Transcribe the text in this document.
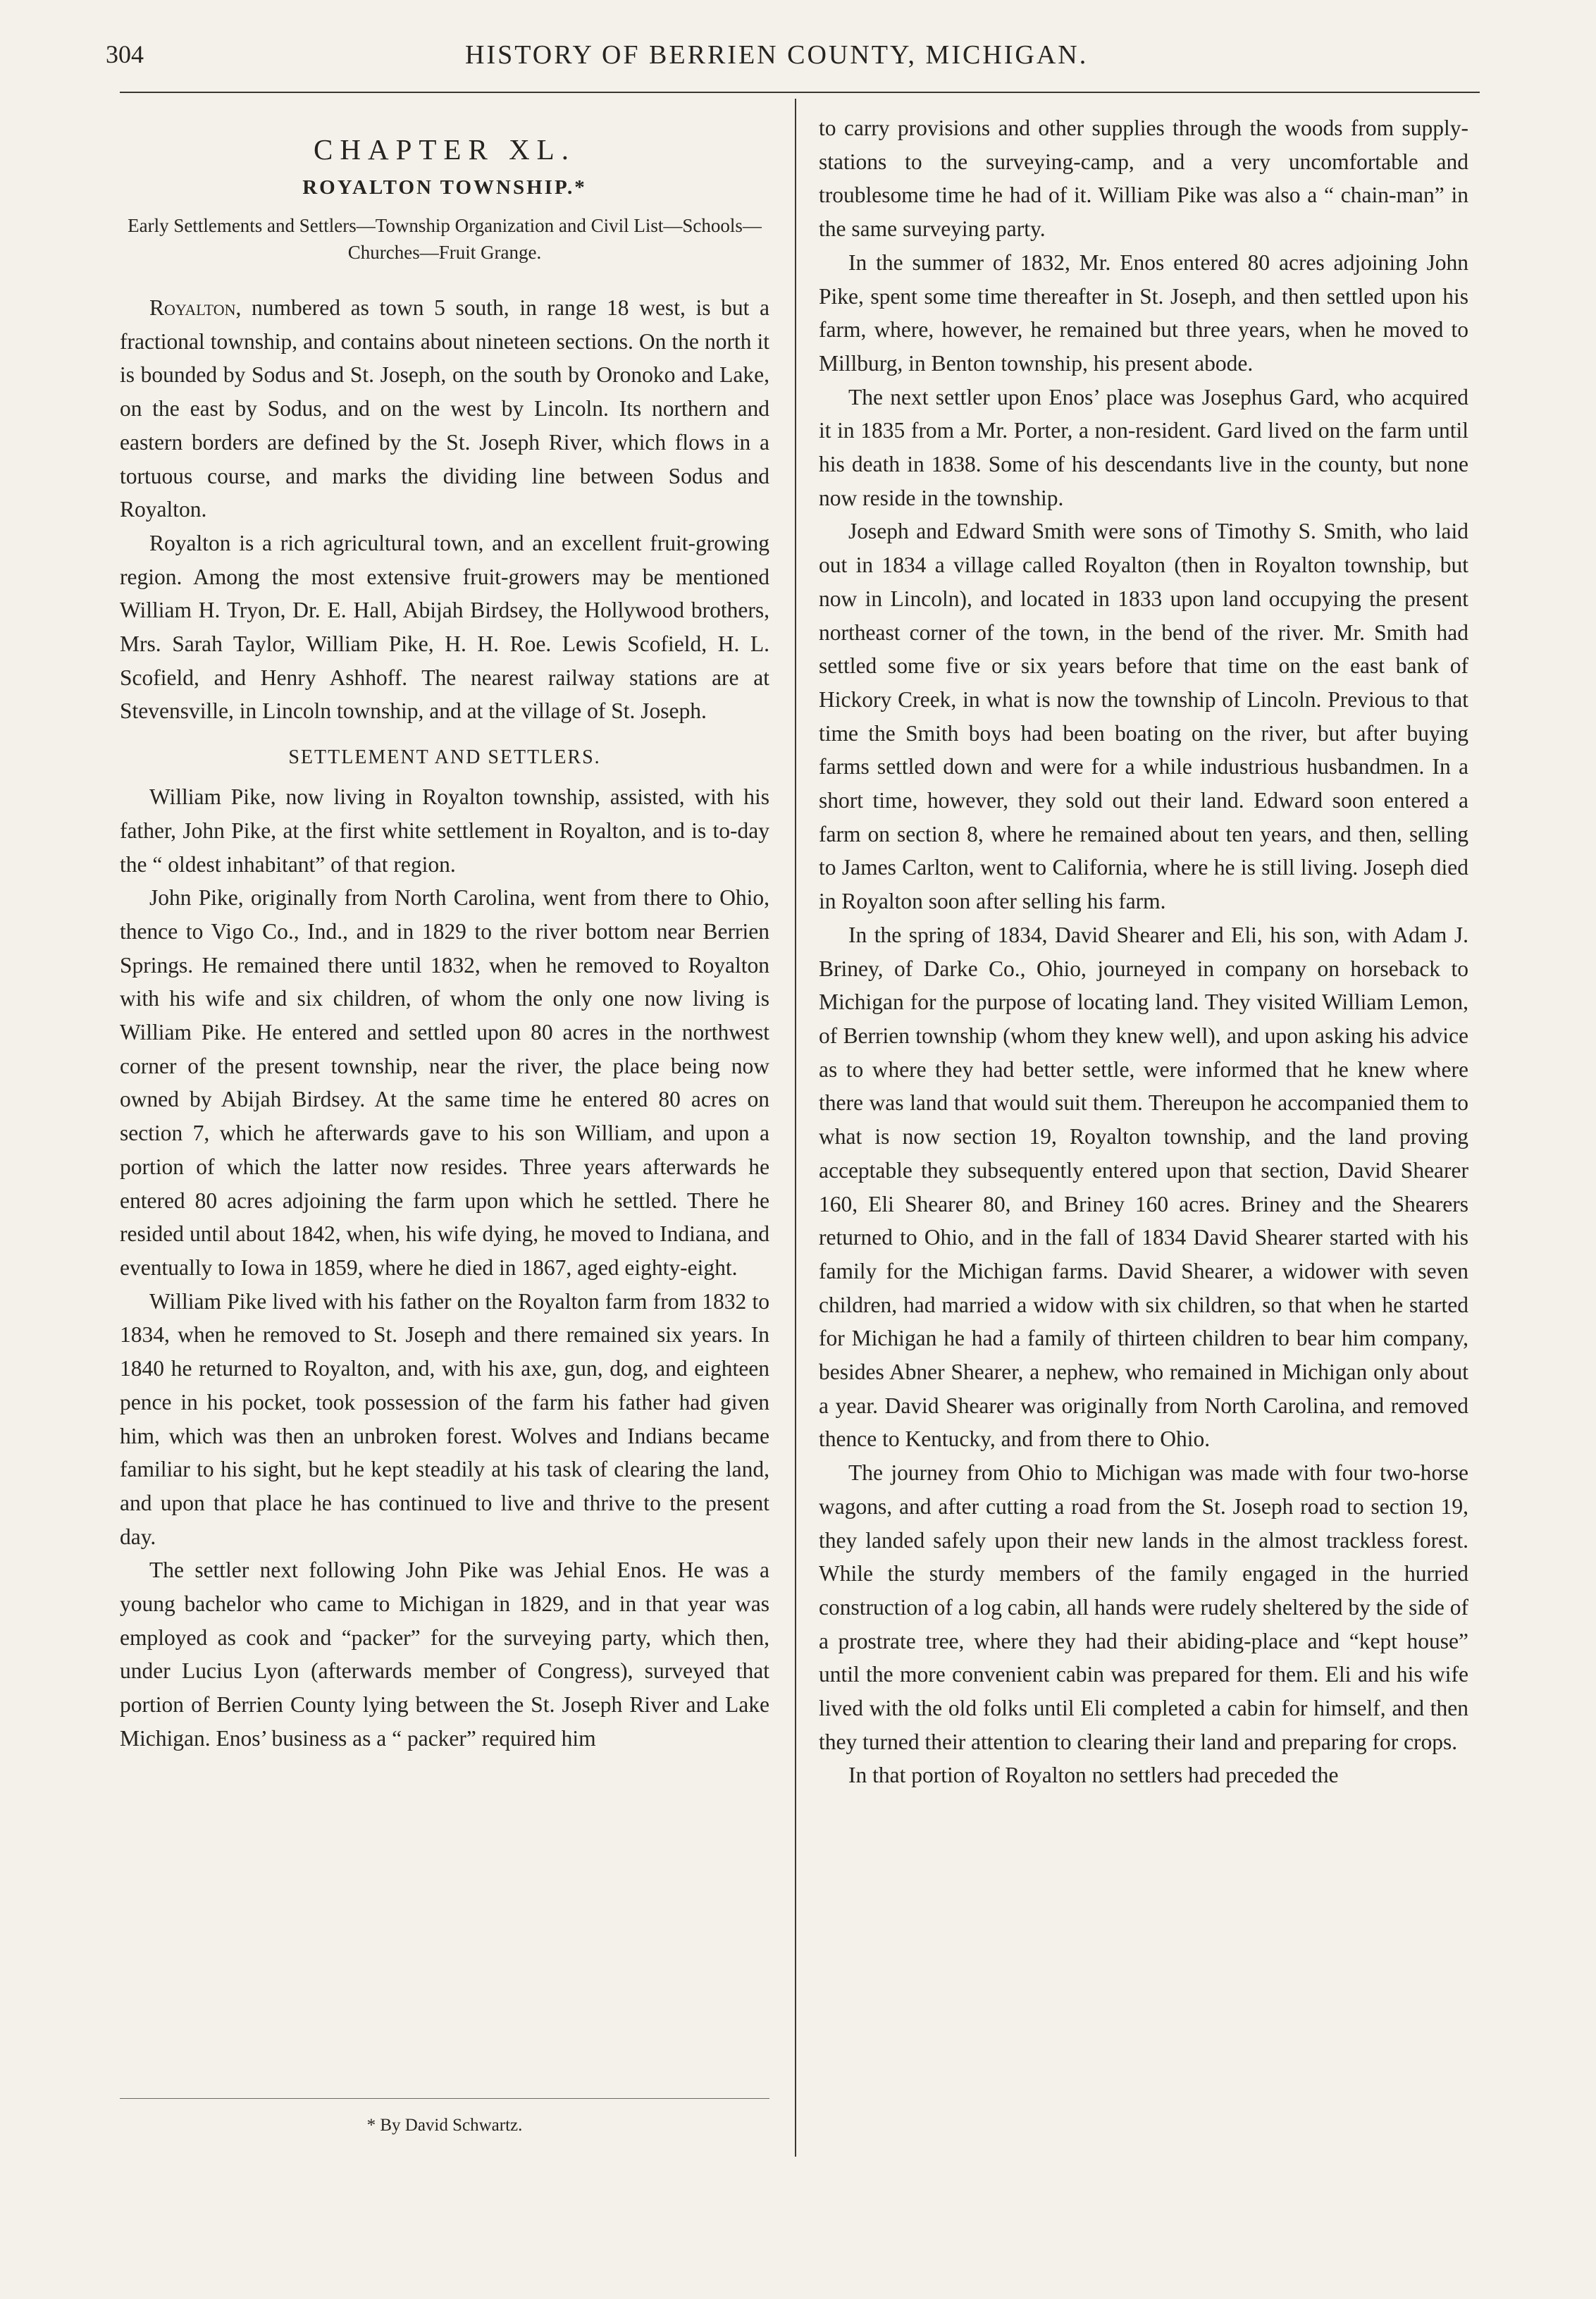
304	HISTORY OF BERRIEN COUNTY, MICHIGAN.
CHAPTER XL.
ROYALTON TOWNSHIP.*
Early Settlements and Settlers—Township Organization and Civil List—Schools—Churches—Fruit Grange.

Royalton, numbered as town 5 south, in range 18 west, is but a fractional township, and contains about nineteen sections. On the north it is bounded by Sodus and St. Joseph, on the south by Oronoko and Lake, on the east by Sodus, and on the west by Lincoln. Its northern and eastern borders are defined by the St. Joseph River, which flows in a tortuous course, and marks the dividing line between Sodus and Royalton.

Royalton is a rich agricultural town, and an excellent fruit-growing region. Among the most extensive fruit-growers may be mentioned William H. Tryon, Dr. E. Hall, Abijah Birdsey, the Hollywood brothers, Mrs. Sarah Taylor, William Pike, H. H. Roe. Lewis Scofield, H. L. Scofield, and Henry Ashhoff. The nearest railway stations are at Stevensville, in Lincoln township, and at the village of St. Joseph.

SETTLEMENT AND SETTLERS.

William Pike, now living in Royalton township, assisted, with his father, John Pike, at the first white settlement in Royalton, and is to-day the “ oldest inhabitant” of that region.

John Pike, originally from North Carolina, went from there to Ohio, thence to Vigo Co., Ind., and in 1829 to the river bottom near Berrien Springs. He remained there until 1832, when he removed to Royalton with his wife and six children, of whom the only one now living is William Pike. He entered and settled upon 80 acres in the northwest corner of the present township, near the river, the place being now owned by Abijah Birdsey. At the same time he entered 80 acres on section 7, which he afterwards gave to his son William, and upon a portion of which the latter now resides. Three years afterwards he entered 80 acres adjoining the farm upon which he settled. There he resided until about 1842, when, his wife dying, he moved to Indiana, and eventually to Iowa in 1859, where he died in 1867, aged eighty-eight.

William Pike lived with his father on the Royalton farm from 1832 to 1834, when he removed to St. Joseph and there remained six years. In 1840 he returned to Royalton, and, with his axe, gun, dog, and eighteen pence in his pocket, took possession of the farm his father had given him, which was then an unbroken forest. Wolves and Indians became familiar to his sight, but he kept steadily at his task of clearing the land, and upon that place he has continued to live and thrive to the present day.

The settler next following John Pike was Jehial Enos. He was a young bachelor who came to Michigan in 1829, and in that year was employed as cook and “packer” for the surveying party, which then, under Lucius Lyon (afterwards member of Congress), surveyed that portion of Berrien County lying between the St. Joseph River and Lake Michigan. Enos’ business as a “ packer” required him

to carry provisions and other supplies through the woods from supply-stations to the surveying-camp, and a very uncomfortable and troublesome time he had of it. William Pike was also a “ chain-man” in the same surveying party.

In the summer of 1832, Mr. Enos entered 80 acres adjoining John Pike, spent some time thereafter in St. Joseph, and then settled upon his farm, where, however, he remained but three years, when he moved to Millburg, in Benton township, his present abode.

The next settler upon Enos’ place was Josephus Gard, who acquired it in 1835 from a Mr. Porter, a non-resident. Gard lived on the farm until his death in 1838. Some of his descendants live in the county, but none now reside in the township.

Joseph and Edward Smith were sons of Timothy S. Smith, who laid out in 1834 a village called Royalton (then in Royalton township, but now in Lincoln), and located in 1833 upon land occupying the present northeast corner of the town, in the bend of the river. Mr. Smith had settled some five or six years before that time on the east bank of Hickory Creek, in what is now the township of Lincoln. Previous to that time the Smith boys had been boating on the river, but after buying farms settled down and were for a while industrious husbandmen. In a short time, however, they sold out their land. Edward soon entered a farm on section 8, where he remained about ten years, and then, selling to James Carlton, went to California, where he is still living. Joseph died in Royalton soon after selling his farm.

In the spring of 1834, David Shearer and Eli, his son, with Adam J. Briney, of Darke Co., Ohio, journeyed in company on horseback to Michigan for the purpose of locating land. They visited William Lemon, of Berrien township (whom they knew well), and upon asking his advice as to where they had better settle, were informed that he knew where there was land that would suit them. Thereupon he accompanied them to what is now section 19, Royalton township, and the land proving acceptable they subsequently entered upon that section, David Shearer 160, Eli Shearer 80, and Briney 160 acres. Briney and the Shearers returned to Ohio, and in the fall of 1834 David Shearer started with his family for the Michigan farms. David Shearer, a widower with seven children, had married a widow with six children, so that when he started for Michigan he had a family of thirteen children to bear him company, besides Abner Shearer, a nephew, who remained in Michigan only about a year. David Shearer was originally from North Carolina, and removed thence to Kentucky, and from there to Ohio.

The journey from Ohio to Michigan was made with four two-horse wagons, and after cutting a road from the St. Joseph road to section 19, they landed safely upon their new lands in the almost trackless forest. While the sturdy members of the family engaged in the hurried construction of a log cabin, all hands were rudely sheltered by the side of a prostrate tree, where they had their abiding-place and “kept house” until the more convenient cabin was prepared for them. Eli and his wife lived with the old folks until Eli completed a cabin for himself, and then they turned their attention to clearing their land and preparing for crops.

In that portion of Royalton no settlers had preceded the

* By David Schwartz.
